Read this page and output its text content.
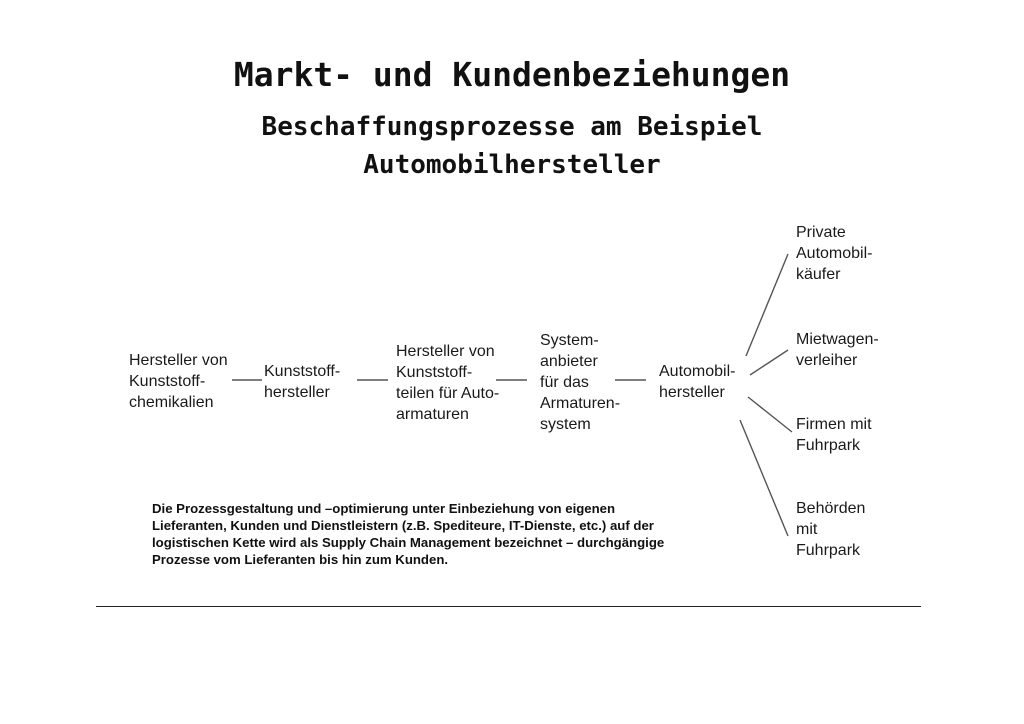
Markt- und Kundenbeziehungen
Beschaffungsprozesse am Beispiel
Automobilhersteller

Hersteller von
Kunststoff-
chemikalien

Kunststoff-
hersteller

Hersteller von
Kunststoff-
teilen für Auto-
armaturen

System-
anbieter
für das
Armaturen-
system

Automobil-
hersteller

Private
Automobil-
käufer

Mietwagen-
verleiher

Firmen mit
Fuhrpark

Behörden
mit
Fuhrpark

Die Prozessgestaltung und –optimierung unter Einbeziehung von eigenen Lieferanten, Kunden und Dienstleistern (z.B. Spediteure, IT-Dienste, etc.) auf der logistischen Kette wird als Supply Chain Management bezeichnet – durchgängige Prozesse vom Lieferanten bis hin zum Kunden.
